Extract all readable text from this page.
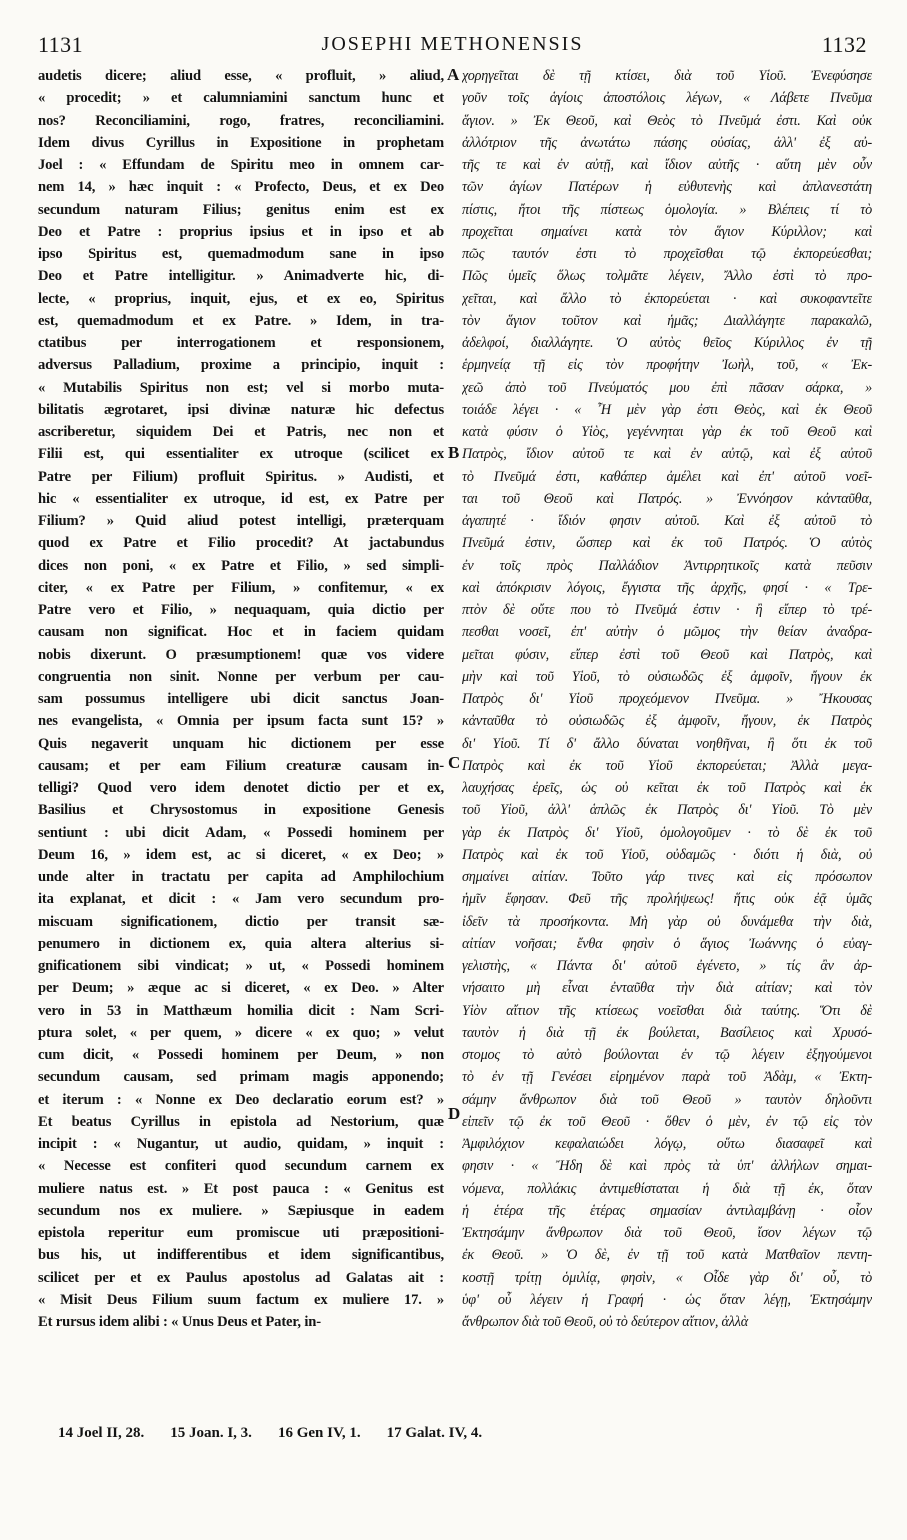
1131	JOSEPHI METHONENSIS	1132
audetis dicere; aliud esse, « profluit, » aliud,
« procedit; » et calumniamini sanctum hunc et
nos? Reconciliamini, rogo, fratres, reconciliamini.
Idem divus Cyrillus in Expositione in prophetam
Joel : « Effundam de Spiritu meo in omnem car-
nem 14, » hæc inquit : « Profecto, Deus, et ex Deo
secundum naturam Filius; genitus enim est ex
Deo et Patre : proprius ipsius et in ipso et ab
ipso Spiritus est, quemadmodum sane in ipso
Deo et Patre intelligitur. » Animadverte hic, di-
lecte, « proprius, inquit, ejus, et ex eo, Spiritus
est, quemadmodum et ex Patre. » Idem, in tra-
ctatibus per interrogationem et responsionem,
adversus Palladium, proxime a principio, inquit :
« Mutabilis Spiritus non est; vel si morbo muta-
bilitatis ægrotaret, ipsi divinæ naturæ hic defectus
ascriberetur, siquidem Dei et Patris, nec non et
Filii est, qui essentialiter ex utroque (scilicet ex
Patre per Filium) profluit Spiritus. » Audisti, et
hic « essentialiter ex utroque, id est, ex Patre per
Filium? » Quid aliud potest intelligi, præterquam
quod ex Patre et Filio procedit? At jactabundus
dices non poni, « ex Patre et Filio, » sed simpli-
citer, « ex Patre per Filium, » confitemur, « ex
Patre vero et Filio, » nequaquam, quia dictio per
causam non significat. Hoc et in faciem quidam
nobis dixerunt. O præsumptionem! quæ vos videre
congruentia non sinit. Nonne per verbum per cau-
sam possumus intelligere ubi dicit sanctus Joan-
nes evangelista, « Omnia per ipsum facta sunt 15? »
Quis negaverit unquam hic dictionem per esse
causam; et per eam Filium creaturæ causam in-
telligi? Quod vero idem denotet dictio per et ex,
Basilius et Chrysostomus in expositione Genesis
sentiunt : ubi dicit Adam, « Possedi hominem per
Deum 16, » idem est, ac si diceret, « ex Deo; »
unde alter in tractatu per capita ad Amphilochium
ita explanat, et dicit : « Jam vero secundum pro-
miscuam significationem, dictio per transit sæ-
penumero in dictionem ex, quia altera alterius si-
gnificationem sibi vindicat; » ut, « Possedi hominem
per Deum; » æque ac si diceret, « ex Deo. » Alter
vero in 53 in Matthæum homilia dicit : Nam Scri-
ptura solet, « per quem, » dicere « ex quo; » velut
cum dicit, « Possedi hominem per Deum, » non
secundum causam, sed primam magis apponendo;
et iterum : « Nonne ex Deo declaratio eorum est? »
Et beatus Cyrillus in epistola ad Nestorium, quæ
incipit : « Nugantur, ut audio, quidam, » inquit :
« Necesse est confiteri quod secundum carnem ex
muliere natus est. » Et post pauca : « Genitus est
secundum nos ex muliere. » Sæpiusque in eadem
epistola reperitur eum promiscue uti præpositioni-
bus his, ut indifferentibus et idem significantibus,
scilicet per et ex Paulus apostolus ad Galatas ait :
« Misit Deus Filium suum factum ex muliere 17. »
Et rursus idem alibi : « Unus Deus et Pater, in-
χορηγεῖται δὲ τῇ κτίσει, διὰ τοῦ Υἱοῦ. Ἐνεφύσησε
γοῦν τοῖς ἁγίοις ἀποστόλοις λέγων, « Λάβετε Πνεῦμα
ἅγιον. » Ἐκ Θεοῦ, καὶ Θεὸς τὸ Πνεῦμά ἐστι. Καὶ οὐκ
ἀλλότριον τῆς ἀνωτάτω πάσης οὐσίας, ἀλλ' ἐξ αὐ-
τῆς τε καὶ ἐν αὐτῇ, καὶ ἴδιον αὐτῆς · αὕτη μὲν οὖν
τῶν ἁγίων Πατέρων ἡ εὐθυτενὴς καὶ ἀπλανεστάτη
πίστις, ἤτοι τῆς πίστεως ὁμολογία. » Βλέπεις τί τὸ
προχεῖται σημαίνει κατὰ τὸν ἅγιον Κύριλλον; καὶ
πῶς ταυτόν ἐστι τὸ προχεῖσθαι τῷ ἐκπορεύεσθαι;
Πῶς ὑμεῖς ὅλως τολμᾶτε λέγειν, Ἄλλο ἐστὶ τὸ προ-
χεῖται, καὶ ἄλλο τὸ ἐκπορεύεται · καὶ συκοφαντεῖτε
τὸν ἅγιον τοῦτον καὶ ἡμᾶς; Διαλλάγητε παρακαλῶ,
ἀδελφοί, διαλλάγητε. Ὁ αὐτὸς θεῖος Κύριλλος ἐν τῇ
ἑρμηνείᾳ τῇ εἰς τὸν προφήτην Ἰωὴλ, τοῦ, « Ἐκ-
χεῶ ἀπὸ τοῦ Πνεύματός μου ἐπὶ πᾶσαν σάρκα, »
τοιάδε λέγει · « Ἦ μὲν γὰρ ἐστι Θεὸς, καὶ ἐκ Θεοῦ
κατὰ φύσιν ὁ Υἱὸς, γεγέννηται γὰρ ἐκ τοῦ Θεοῦ καὶ
Πατρὸς, ἴδιον αὐτοῦ τε καὶ ἐν αὐτῷ, καὶ ἐξ αὐτοῦ
τὸ Πνεῦμά ἐστι, καθάπερ ἀμέλει καὶ ἐπ' αὐτοῦ νοεῖ-
ται τοῦ Θεοῦ καὶ Πατρός. » Ἐννόησον κἀνταῦθα,
ἀγαπητέ · ἴδιόν φησιν αὐτοῦ. Καὶ ἐξ αὐτοῦ τὸ
Πνεῦμά ἐστιν, ὥσπερ καὶ ἐκ τοῦ Πατρός. Ὁ αὐτὸς
ἐν τοῖς πρὸς Παλλάδιον Ἀντιρρητικοῖς κατὰ πεῦσιν
καὶ ἀπόκρισιν λόγοις, ἔγγιστα τῆς ἀρχῆς, φησί · « Τρε-
πτὸν δὲ οὔτε που τὸ Πνεῦμά ἐστιν · ἢ εἴπερ τὸ τρέ-
πεσθαι νοσεῖ, ἐπ' αὐτὴν ὁ μῶμος τὴν θείαν ἀναδρα-
μεῖται φύσιν, εἴπερ ἐστὶ τοῦ Θεοῦ καὶ Πατρὸς, καὶ
μὴν καὶ τοῦ Υἱοῦ, τὸ οὐσιωδῶς ἐξ ἀμφοῖν, ἤγουν ἐκ
Πατρὸς δι' Υἱοῦ προχεόμενον Πνεῦμα. » Ἤκουσας
κἀνταῦθα τὸ οὐσιωδῶς ἐξ ἀμφοῖν, ἤγουν, ἐκ Πατρὸς
δι' Υἱοῦ. Τί δ' ἄλλο δύναται νοηθῆναι, ἢ ὅτι ἐκ τοῦ
Πατρὸς καὶ ἐκ τοῦ Υἱοῦ ἐκπορεύεται; Ἀλλὰ μεγα-
λαυχήσας ἐρεῖς, ὡς οὐ κεῖται ἐκ τοῦ Πατρὸς καὶ ἐκ
τοῦ Υἱοῦ, ἀλλ' ἁπλῶς ἐκ Πατρὸς δι' Υἱοῦ. Τὸ μὲν
γὰρ ἐκ Πατρὸς δι' Υἱοῦ, ὁμολογοῦμεν · τὸ δὲ ἐκ τοῦ
Πατρὸς καὶ ἐκ τοῦ Υἱοῦ, οὐδαμῶς · διότι ἡ διὰ, οὐ
σημαίνει αἰτίαν. Τοῦτο γάρ τινες καὶ εἰς πρόσωπον
ἡμῖν ἔφησαν. Φεῦ τῆς προλήψεως! ἥτις οὐκ ἐᾷ ὑμᾶς
ἰδεῖν τὰ προσήκοντα. Μὴ γὰρ οὐ δυνάμεθα τὴν διὰ,
αἰτίαν νοῆσαι; ἔνθα φησὶν ὁ ἅγιος Ἰωάννης ὁ εὐαγ-
γελιστὴς, « Πάντα δι' αὐτοῦ ἐγένετο, » τίς ἂν ἀρ-
νήσαιτο μὴ εἶναι ἐνταῦθα τὴν διὰ αἰτίαν; καὶ τὸν
Υἱὸν αἴτιον τῆς κτίσεως νοεῖσθαι διὰ ταύτης. Ὅτι δὲ
ταυτὸν ἡ διὰ τῇ ἐκ βούλεται, Βασίλειος καὶ Χρυσό-
στομος τὸ αὐτὸ βούλονται ἐν τῷ λέγειν ἐξηγούμενοι
τὸ ἐν τῇ Γενέσει εἰρημένον παρὰ τοῦ Ἀδὰμ, « Ἐκτη-
σάμην ἄνθρωπον διὰ τοῦ Θεοῦ » ταυτὸν δηλοῦντι
εἰπεῖν τῷ ἐκ τοῦ Θεοῦ · ὅθεν ὁ μὲν, ἐν τῷ εἰς τὸν
Ἀμφιλόχιον κεφαλαιώδει λόγῳ, οὕτω διασαφεῖ καὶ
φησιν · « Ἤδη δὲ καὶ πρὸς τὰ ὑπ' ἀλλήλων σημαι-
νόμενα, πολλάκις ἀντιμεθίσταται ἡ διὰ τῇ ἐκ, ὅταν
ἡ ἑτέρα τῆς ἑτέρας σημασίαν ἀντιλαμβάνῃ · οἷον
Ἐκτησάμην ἄνθρωπον διὰ τοῦ Θεοῦ, ἴσον λέγων τῷ
ἐκ Θεοῦ. » Ὁ δὲ, ἐν τῇ τοῦ κατὰ Ματθαῖον πεντη-
κοστῇ τρίτῃ ὁμιλίᾳ, φησὶν, « Οἶδε γὰρ δι' οὗ, τὸ
ὑφ' οὗ λέγειν ἡ Γραφή · ὡς ὅταν λέγῃ, Ἐκτησάμην
ἄνθρωπον διὰ τοῦ Θεοῦ, οὐ τὸ δεύτερον αἴτιον, ἀλλὰ
A
B
C
D
14 Joel II, 28. 15 Joan. I, 3. 16 Gen IV, 1. 17 Galat. IV, 4.
